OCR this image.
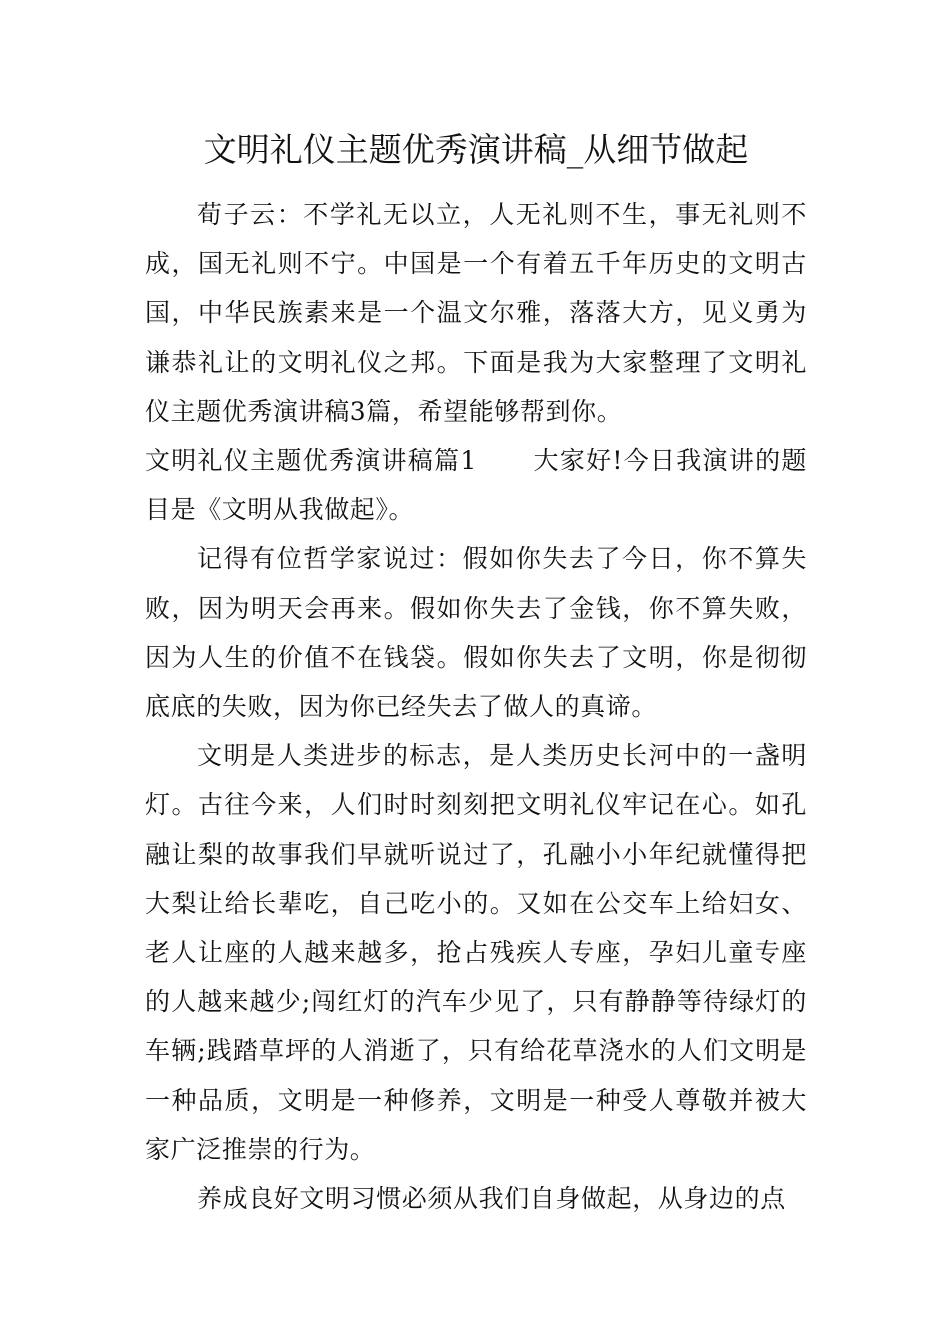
文明礼仪主题优秀演讲稿_从细节做起

荀子云：不学礼无以立，人无礼则不生，事无礼则不成，国无礼则不宁。中国是一个有着五千年历史的文明古国，中华民族素来是一个温文尔雅，落落大方，见义勇为谦恭礼让的文明礼仪之邦。下面是我为大家整理了文明礼仪主题优秀演讲稿3篇，希望能够帮到你。

文明礼仪主题优秀演讲稿篇1 大家好!今日我演讲的题目是《文明从我做起》。

记得有位哲学家说过：假如你失去了今日，你不算失败，因为明天会再来。假如你失去了金钱，你不算失败，因为人生的价值不在钱袋。假如你失去了文明，你是彻彻底底的失败，因为你已经失去了做人的真谛。

文明是人类进步的标志，是人类历史长河中的一盏明灯。古往今来，人们时时刻刻把文明礼仪牢记在心。如孔融让梨的故事我们早就听说过了，孔融小小年纪就懂得把大梨让给长辈吃，自己吃小的。又如在公交车上给妇女、老人让座的人越来越多，抢占残疾人专座，孕妇儿童专座的人越来越少;闯红灯的汽车少见了，只有静静等待绿灯的车辆;践踏草坪的人消逝了，只有给花草浇水的人们文明是一种品质，文明是一种修养，文明是一种受人尊敬并被大家广泛推崇的行为。

养成良好文明习惯必须从我们自身做起，从身边的点
